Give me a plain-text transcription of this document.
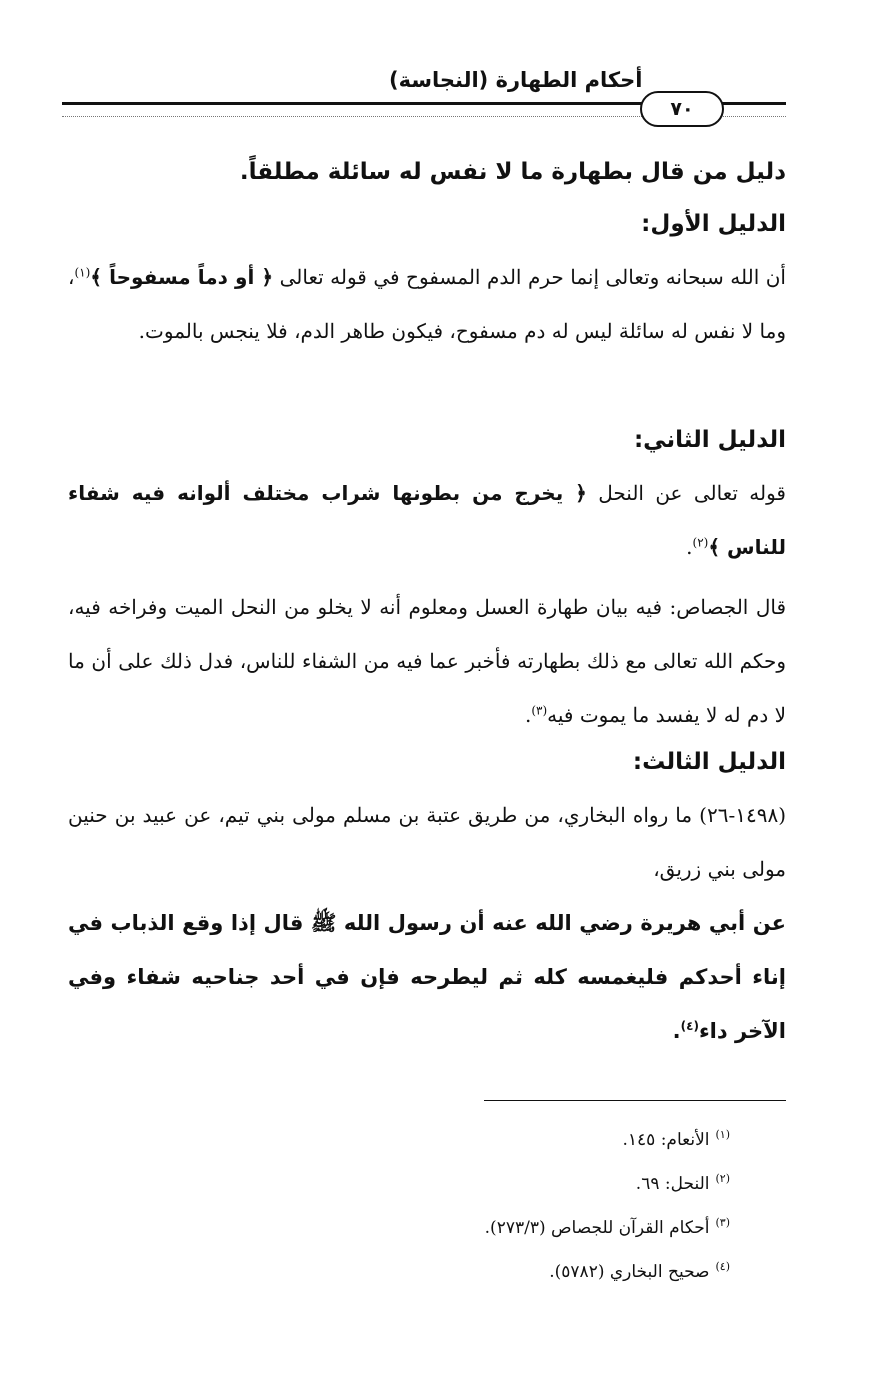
أحكام الطهارة (النجاسة)
٧٠
دليل من قال بطهارة ما لا نفس له سائلة مطلقاً.
الدليل الأول:
أن الله سبحانه وتعالى إنما حرم الدم المسفوح في قوله تعالى ﴿ أو دماً مسفوحاً ﴾$^{(١)}$، وما لا نفس له سائلة ليس له دم مسفوح، فيكون طاهر الدم، فلا ينجس بالموت.
الدليل الثاني:
قوله تعالى عن النحل ﴿ يخرج من بطونها شراب مختلف ألوانه فيه شفاء للناس ﴾$^{(٢)}$.
قال الجصاص: فيه بيان طهارة العسل ومعلوم أنه لا يخلو من النحل الميت وفراخه فيه، وحكم الله تعالى مع ذلك بطهارته فأخبر عما فيه من الشفاء للناس، فدل ذلك على أن ما لا دم له لا يفسد ما يموت فيه$^{(٣)}$.
الدليل الثالث:
(١٤٩٨-٢٦) ما رواه البخاري، من طريق عتبة بن مسلم مولى بني تيم، عن عبيد بن حنين مولى بني زريق،
عن أبي هريرة رضي الله عنه أن رسول الله ﷺ قال إذا وقع الذباب في إناء أحدكم فليغمسه كله ثم ليطرحه فإن في أحد جناحيه شفاء وفي الآخر داء$^{(٤)}$.
$^{(١)}$الأنعام: ١٤٥.
$^{(٢)}$النحل: ٦٩.
$^{(٣)}$أحكام القرآن للجصاص (٢٧٣/٣).
$^{(٤)}$صحيح البخاري (٥٧٨٢).
